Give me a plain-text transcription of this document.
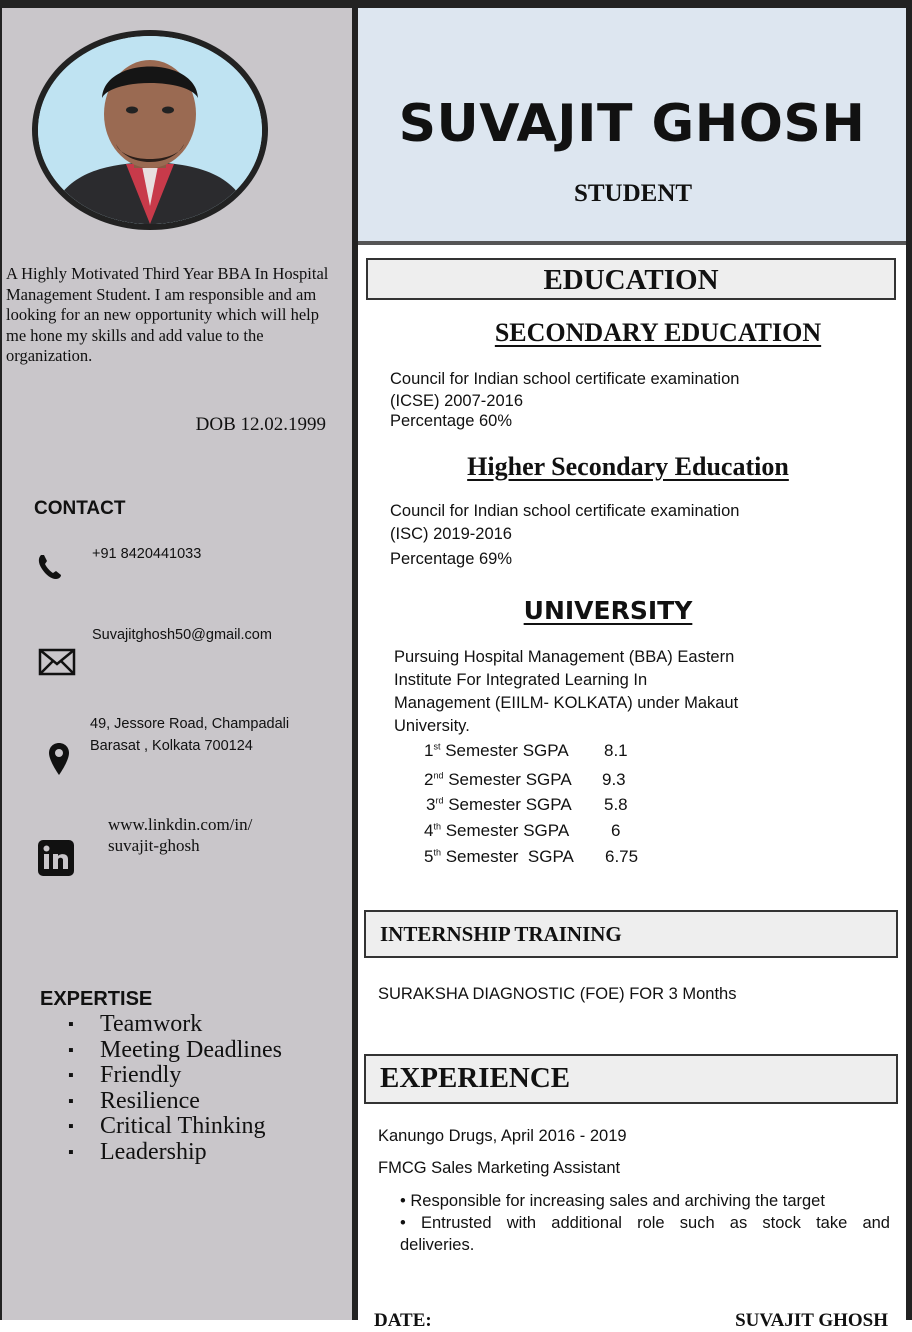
A Highly Motivated Third Year BBA In Hospital Management Student. I am responsible and am looking for an new opportunity which will help me hone my skills and add value to the organization.
DOB 12.02.1999
CONTACT
+91 8420441033
Suvajitghosh50@gmail.com
49, Jessore Road, Champadali
Barasat , Kolkata 700124
www.linkdin.com/in/
suvajit-ghosh
EXPERTISE
▪ Teamwork
▪ Meeting Deadlines
▪ Friendly
▪ Resilience
▪ Critical Thinking
▪ Leadership
SUVAJIT GHOSH
STUDENT
EDUCATION
SECONDARY EDUCATION
Council for Indian school certificate examination
(ICSE) 2007-2016
Percentage 60%
Higher Secondary Education
Council for Indian school certificate examination
(ISC) 2019-2016
Percentage 69%
UNIVERSITY
Pursuing Hospital Management (BBA) Eastern
Institute For Integrated Learning In
Management (EIILM- KOLKATA) under Makaut
University.
1st Semester SGPA 8.1
2nd Semester SGPA 9.3
3rd Semester SGPA 5.8
4th Semester SGPA 6
5th Semester  SGPA 6.75
INTERNSHIP TRAINING
SURAKSHA DIAGNOSTIC (FOE) FOR 3 Months
EXPERIENCE
Kanungo Drugs, April 2016 - 2019
FMCG Sales Marketing Assistant
• Responsible for increasing sales and archiving the target
• Entrusted with additional role such as stock take and deliveries.
DATE:	SUVAJIT GHOSH
